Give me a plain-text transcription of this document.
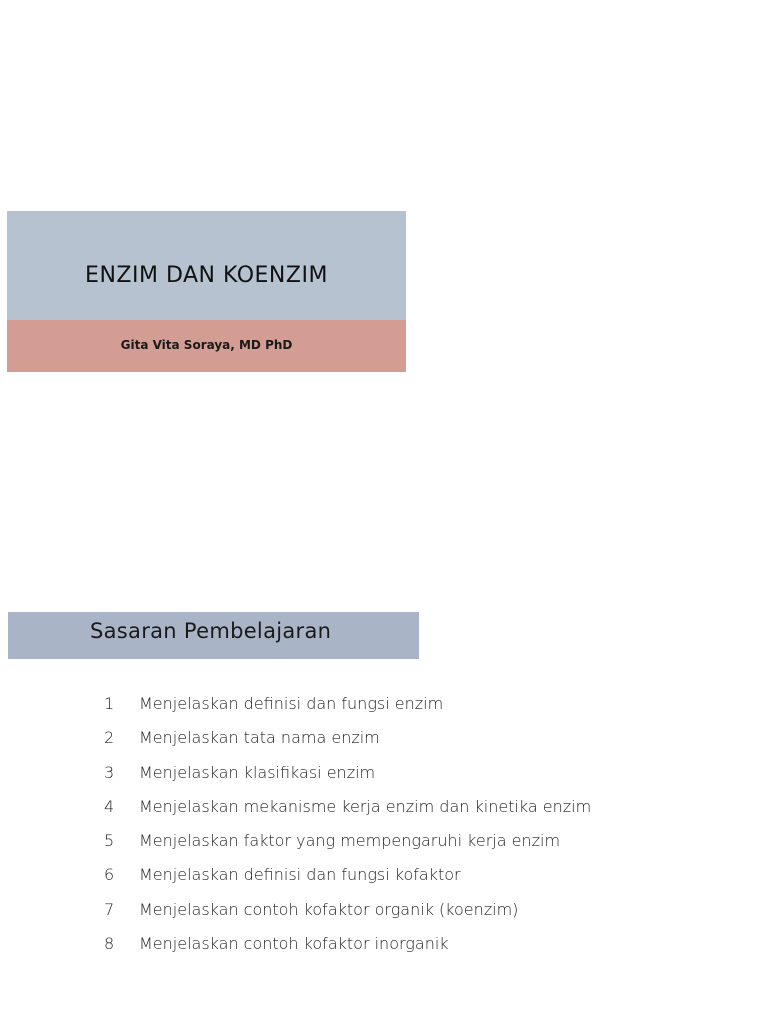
ENZIM DAN KOENZIM
Gita Vita Soraya, MD PhD
Sasaran Pembelajaran
1 Menjelaskan definisi dan fungsi enzim
2 Menjelaskan tata nama enzim
3 Menjelaskan klasifikasi enzim
4 Menjelaskan mekanisme kerja enzim dan kinetika enzim
5 Menjelaskan faktor yang mempengaruhi kerja enzim
6 Menjelaskan definisi dan fungsi kofaktor
7 Menjelaskan contoh kofaktor organik (koenzim)
8 Menjelaskan contoh kofaktor inorganik
